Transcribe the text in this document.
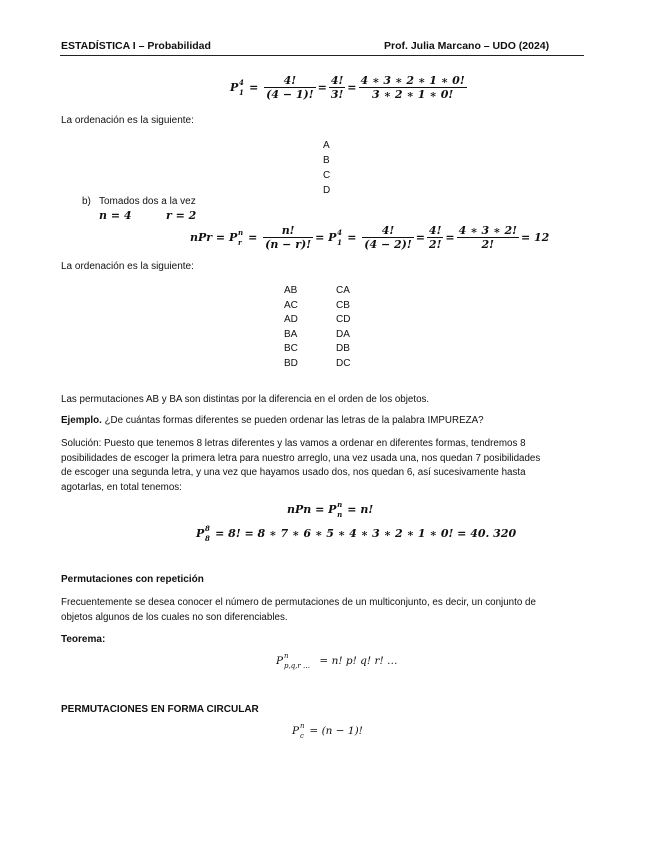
ESTADÍSTICA I – Probabilidad	Prof. Julia Marcano – UDO (2024)
P 4
$1 = \frac{4!}{(4 - 1)!} = \frac{4!}{3!} = \frac{4 ∗ 3 ∗ 2 ∗ 1 ∗ 0!}{3 ∗ 2 ∗ 1 ∗ 0!}$
La ordenación es la siguiente:
A
B
C
D
b) Tomados dos a la vez
n = 4	r = 2
nPr = P n
$r = \frac{n!}{(n - r)!} = P$ 4
$1 = \frac{4!}{(4 - 2)!} = \frac{4!}{2!} = \frac{4 ∗ 3 ∗ 2!}{2!} = 12$
La ordenación es la siguiente:
AB
AC
AD
BA
BC
BD
CA
CB
CD
DA
DB
DC
Las permutaciones AB y BA son distintas por la diferencia en el orden de los objetos.
Ejemplo. ¿De cuántas formas diferentes se pueden ordenar las letras de la palabra IMPUREZA?
Solución: Puesto que tenemos 8 letras diferentes y las vamos a ordenar en diferentes formas, tendremos 8
posibilidades de escoger la primera letra para nuestro arreglo, una vez usada una, nos quedan 7 posibilidades
de escoger una segunda letra, y una vez que hayamos usado dos, nos quedan 6, así sucesivamente hasta
agotarlas, en total tenemos:
nPn = P n
n = n!
P 8
8 = 8! = 8 ∗ 7 ∗ 6 ∗ 5 ∗ 4 ∗ 3 ∗ 2 ∗ 1 ∗ 0! = 40. 320
Permutaciones con repetición
Frecuentemente se desea conocer el número de permutaciones de un multiconjunto, es decir, un conjunto de
objetos algunos de los cuales no son diferenciables.
Teorema:
P n
p,q,r … = n! p! q! r! …
PERMUTACIONES EN FORMA CIRCULAR
P n
c = (n − 1)!
